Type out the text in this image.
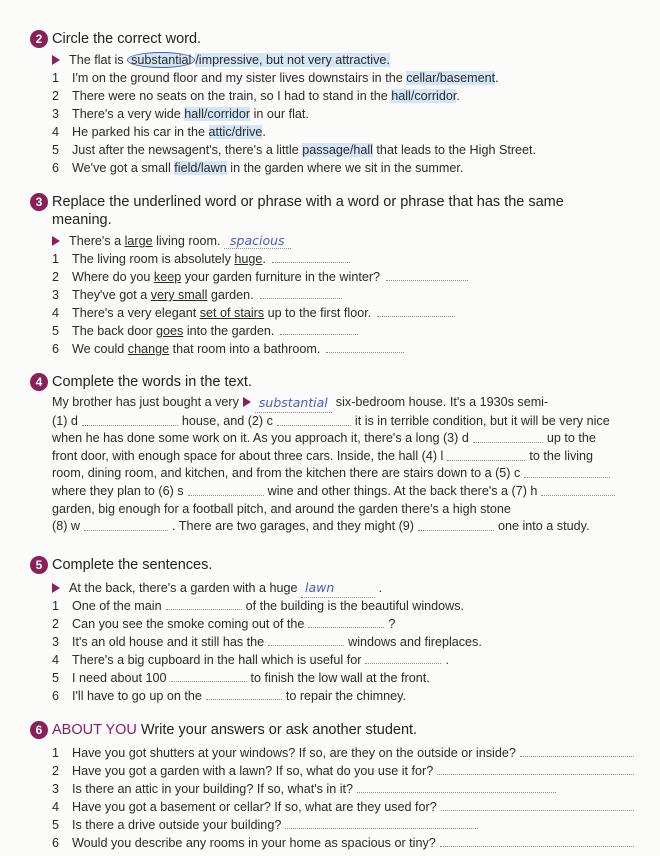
2 Circle the correct word.
The flat is substantial /impressive, but not very attractive.
1 I'm on the ground floor and my sister lives downstairs in the cellar/basement.
2 There were no seats on the train, so I had to stand in the hall/corridor.
3 There's a very wide hall/corridor in our flat.
4 He parked his car in the attic/drive.
5 Just after the newsagent's, there's a little passage/hall that leads to the High Street.
6 We've got a small field/lawn in the garden where we sit in the summer.
3 Replace the underlined word or phrase with a word or phrase that has the same
meaning.
There's a large living room. spacious
1 The living room is absolutely huge.
2 Where do you keep your garden furniture in the winter?
3 They've got a very small garden.
4 There's a very elegant set of stairs up to the first floor.
5 The back door goes into the garden.
6 We could change that room into a bathroom.
4 Complete the words in the text.
My brother has just bought a very	substantial six-bedroom house. It's a 1930s semi-
(1) d	house, and (2) c	it is in terrible condition, but it will be very nice
when he has done some work on it. As you approach it, there's a long (3) d	up to the
front door, with enough space for about three cars. Inside, the hall (4) l	to the living
room, dining room, and kitchen, and from the kitchen there are stairs down to a (5) c
where they plan to (6) s	wine and other things. At the back there's a (7) h
garden, big enough for a football pitch, and around the garden there's a high stone
(8) w	. There are two garages, and they might (9)	one into a study.
5 Complete the sentences.
At the back, there's a garden with a huge lawn	.
1 One of the main	of the building is the beautiful windows.
2 Can you see the smoke coming out of the	?
3 It's an old house and it still has the	windows and fireplaces.
4 There's a big cupboard in the hall which is useful for	.
5 I need about 100	to finish the low wall at the front.
6 I'll have to go up on the	to repair the chimney.
6 ABOUT YOU Write your answers or ask another student.
1	Have you got shutters at your windows? If so, are they on the outside or inside?
2	Have you got a garden with a lawn? If so, what do you use it for?
3	Is there an attic in your building? If so, what's in it?
4	Have you got a basement or cellar? If so, what are they used for?
5	Is there a drive outside your building?
6	Would you describe any rooms in your home as spacious or tiny?
